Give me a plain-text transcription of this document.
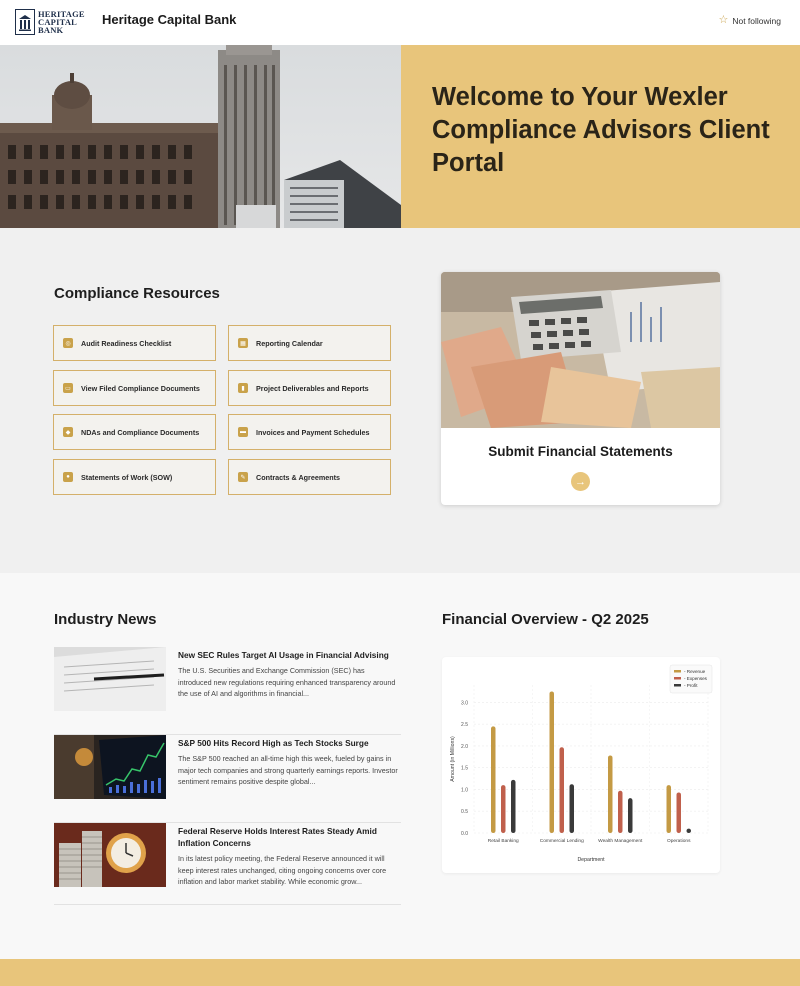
HERITAGE
CAPITAL
BANK
Heritage Capital Bank	☆ Not following
Welcome to Your Wexler Compliance Advisors Client Portal
Compliance Resources
◎	Audit Readiness Checklist	▦	Reporting Calendar
▭	View Filed Compliance Documents	▮	Project Deliverables and Reports
◆	NDAs and Compliance Documents	▬ Invoices and Payment Schedules
●	Statements of Work (SOW)	✎	Contracts & Agreements
Submit Financial Statements
→
Industry News	Financial Overview - Q2 2025
New SEC Rules Target AI Usage in Financial Advising
The U.S. Securities and Exchange Commission (SEC) has introduced new regulations requiring enhanced transparency around the use of AI and algorithms in financial...
S&P 500 Hits Record High as Tech Stocks Surge
The S&P 500 reached an all-time high this week, fueled by gains in major tech companies and strong quarterly earnings reports. Investor sentiment remains positive despite global...
Federal Reserve Holds Interest Rates Steady Amid Inflation Concerns
In its latest policy meeting, the Federal Reserve announced it will keep interest rates unchanged, citing ongoing concerns over core inflation and labor market stability. While economic grow...
0.0
0.5
1.0
1.5
2.0
2.5
3.0
Retail Banking	Commercial Lending	Wealth Management	Operations
Department
Amount (in Millions)
- Revenue
- Expenses
- Profit
